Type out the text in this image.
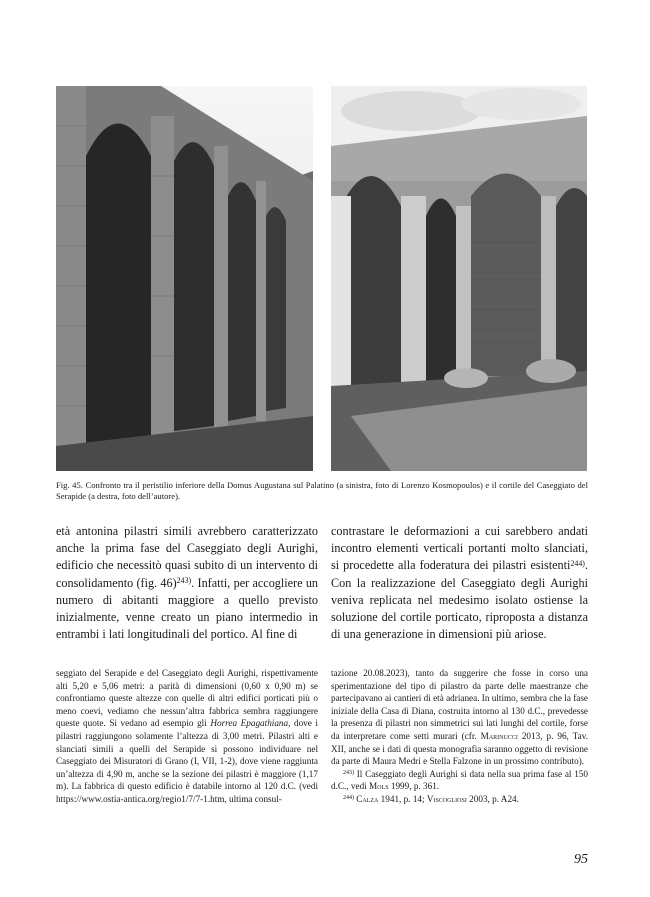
Fig. 45. Confronto tra il peristilio inferiore della Domus Augustana sul Palatino (a sinistra, foto di Lorenzo Kosmopoulos) e il cortile del Caseggiato del Serapide (a destra, foto dell’autore).

età antonina pilastri simili avrebbero caratterizzato anche la prima fase del Caseggiato degli Aurighi, edificio che necessitò quasi subito di un intervento di consolidamento (fig. 46)$^{243)}$. Infatti, per accogliere un numero di abitanti maggiore a quello previsto inizialmente, venne creato un piano intermedio in entrambi i lati longitudinali del portico. Al fine di

contrastare le deformazioni a cui sarebbero andati incontro elementi verticali portanti molto slanciati, si procedette alla foderatura dei pilastri esistenti$^{244)}$. Con la realizzazione del Caseggiato degli Aurighi veniva replicata nel medesimo isolato ostiense la soluzione del cortile porticato, riproposta a distanza di una generazione in dimensioni più ariose.

seggiato del Serapide e del Caseggiato degli Aurighi, rispettivamente alti 5,20 e 5,06 metri: a parità di dimensioni (0,60 x 0,90 m) se confrontiamo queste altezze con quelle di altri edifici porticati più o meno coevi, vediamo che nessun’altra fabbrica sembra raggiungere queste quote. Si vedano ad esempio gli Horrea Epagathiana, dove i pilastri raggiungono solamente l’altezza di 3,00 metri. Pilastri alti e slanciati simili a quelli del Serapide si possono individuare nel Caseggiato dei Misuratori di Grano (I, VII, 1-2), dove viene raggiunta un’altezza di 4,90 m, anche se la sezione dei pilastri è maggiore (1,17 m). La fabbrica di questo edificio è databile intorno al 120 d.C. (vedi https://www.ostia-antica.org/regio1/7/7-1.htm, ultima consul-

tazione 20.08.2023), tanto da suggerire che fosse in corso una sperimentazione del tipo di pilastro da parte delle maestranze che partecipavano ai cantieri di età adrianea. In ultimo, sembra che la fase iniziale della Casa di Diana, costruita intorno al 130 d.C., prevedesse la presenza di pilastri non simmetrici sui lati lunghi del cortile, forse da interpretare come setti murari (cfr. Marinucci 2013, p. 96, Tav. XII, anche se i dati di questa monografia saranno oggetto di revisione da parte di Maura Medri e Stella Falzone in un prossimo contributo).

$^{243)}$ Il Caseggiato degli Aurighi si data nella sua prima fase al 150 d.C., vedi Mols 1999, p. 361.

$^{244)}$ Calza 1941, p. 14; Viscogliosi 2003, p. A24.

95
